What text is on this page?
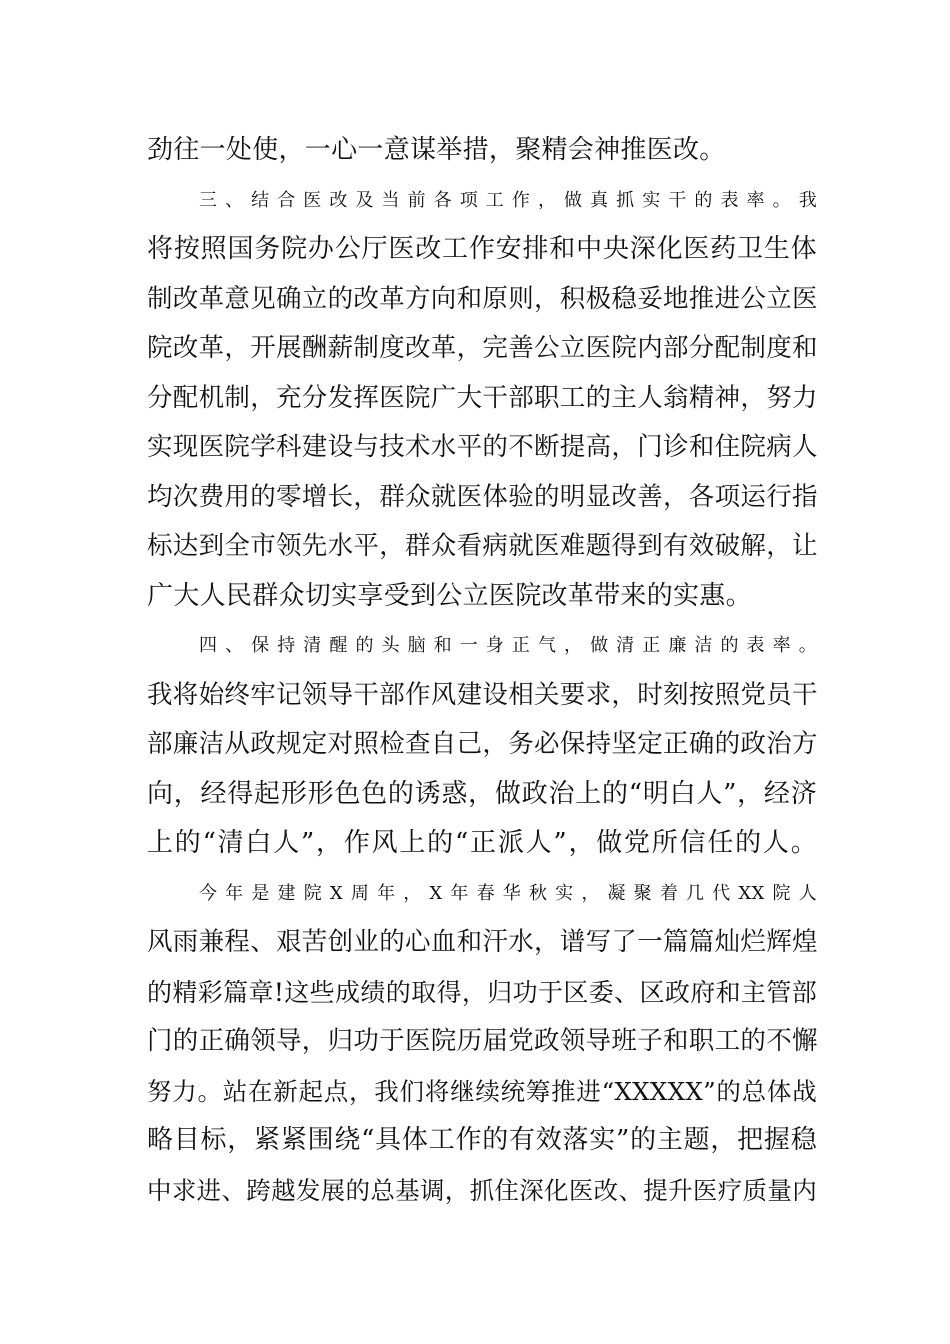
劲往一处使，一心一意谋举措，聚精会神推医改。
三、结合医改及当前各项工作，做真抓实干的表率。我
将按照国务院办公厅医改工作安排和中央深化医药卫生体
制改革意见确立的改革方向和原则，积极稳妥地推进公立医
院改革，开展酬薪制度改革，完善公立医院内部分配制度和
分配机制，充分发挥医院广大干部职工的主人翁精神，努力
实现医院学科建设与技术水平的不断提高，门诊和住院病人
均次费用的零增长，群众就医体验的明显改善，各项运行指
标达到全市领先水平，群众看病就医难题得到有效破解，让
广大人民群众切实享受到公立医院改革带来的实惠。
四、保持清醒的头脑和一身正气，做清正廉洁的表率。
我将始终牢记领导干部作风建设相关要求，时刻按照党员干
部廉洁从政规定对照检查自己，务必保持坚定正确的政治方
向，经得起形形色色的诱惑，做政治上的“明白人”，经济
上的“清白人”，作风上的“正派人”，做党所信任的人。
今年是建院X周年，X年春华秋实，凝聚着几代XX院人
风雨兼程、艰苦创业的心血和汗水，谱写了一篇篇灿烂辉煌
的精彩篇章!这些成绩的取得，归功于区委、区政府和主管部
门的正确领导，归功于医院历届党政领导班子和职工的不懈
努力。站在新起点，我们将继续统筹推进“XXXXX”的总体战
略目标，紧紧围绕“具体工作的有效落实”的主题，把握稳
中求进、跨越发展的总基调，抓住深化医改、提升医疗质量内
